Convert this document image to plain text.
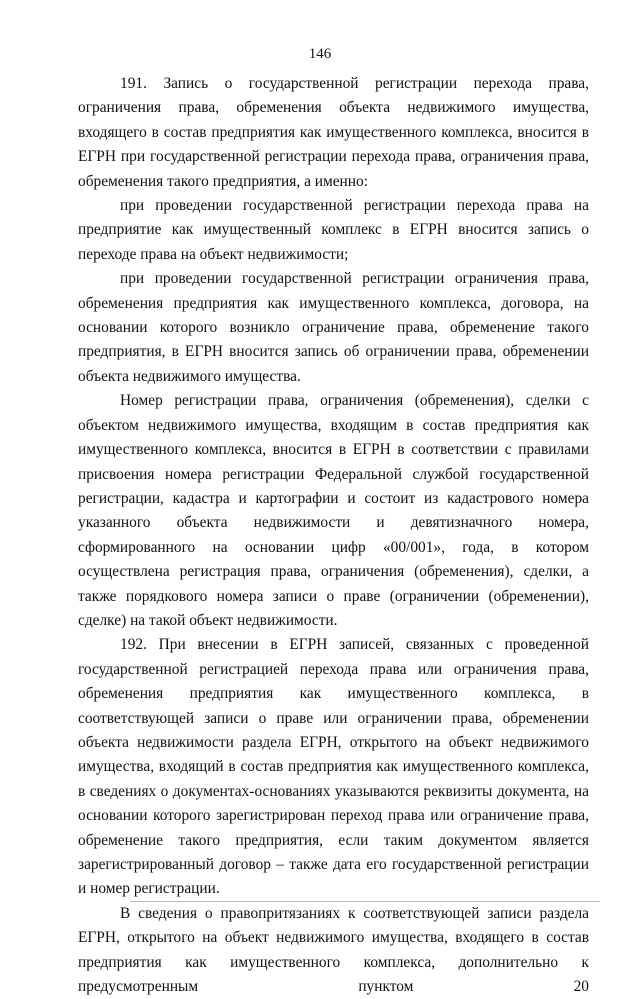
146

191. Запись о государственной регистрации перехода права, ограничения права, обременения объекта недвижимого имущества, входящего в состав предприятия как имущественного комплекса, вносится в ЕГРН при государственной регистрации перехода права, ограничения права, обременения такого предприятия, а именно:

при проведении государственной регистрации перехода права на предприятие как имущественный комплекс в ЕГРН вносится запись о переходе права на объект недвижимости;

при проведении государственной регистрации ограничения права, обременения предприятия как имущественного комплекса, договора, на основании которого возникло ограничение права, обременение такого предприятия, в ЕГРН вносится запись об ограничении права, обременении объекта недвижимого имущества.

Номер регистрации права, ограничения (обременения), сделки с объектом недвижимого имущества, входящим в состав предприятия как имущественного комплекса, вносится в ЕГРН в соответствии с правилами присвоения номера регистрации Федеральной службой государственной регистрации, кадастра и картографии и состоит из кадастрового номера указанного объекта недвижимости и девятизначного номера, сформированного на основании цифр «00/001», года, в котором осуществлена регистрация права, ограничения (обременения), сделки, а также порядкового номера записи о праве (ограничении (обременении), сделке) на такой объект недвижимости.

192. При внесении в ЕГРН записей, связанных с проведенной государственной регистрацией перехода права или ограничения права, обременения предприятия как имущественного комплекса, в соответствующей записи о праве или ограничении права, обременении объекта недвижимости раздела ЕГРН, открытого на объект недвижимого имущества, входящий в состав предприятия как имущественного комплекса, в сведениях о документах-основаниях указываются реквизиты документа, на основании которого зарегистрирован переход права или ограничение права, обременение такого предприятия, если таким документом является зарегистрированный договор – также дата его государственной регистрации и номер регистрации.

В сведения о правопритязаниях к соответствующей записи раздела ЕГРН, открытого на объект недвижимого имущества, входящего в состав предприятия как имущественного комплекса, дополнительно к предусмотренным пунктом 20
